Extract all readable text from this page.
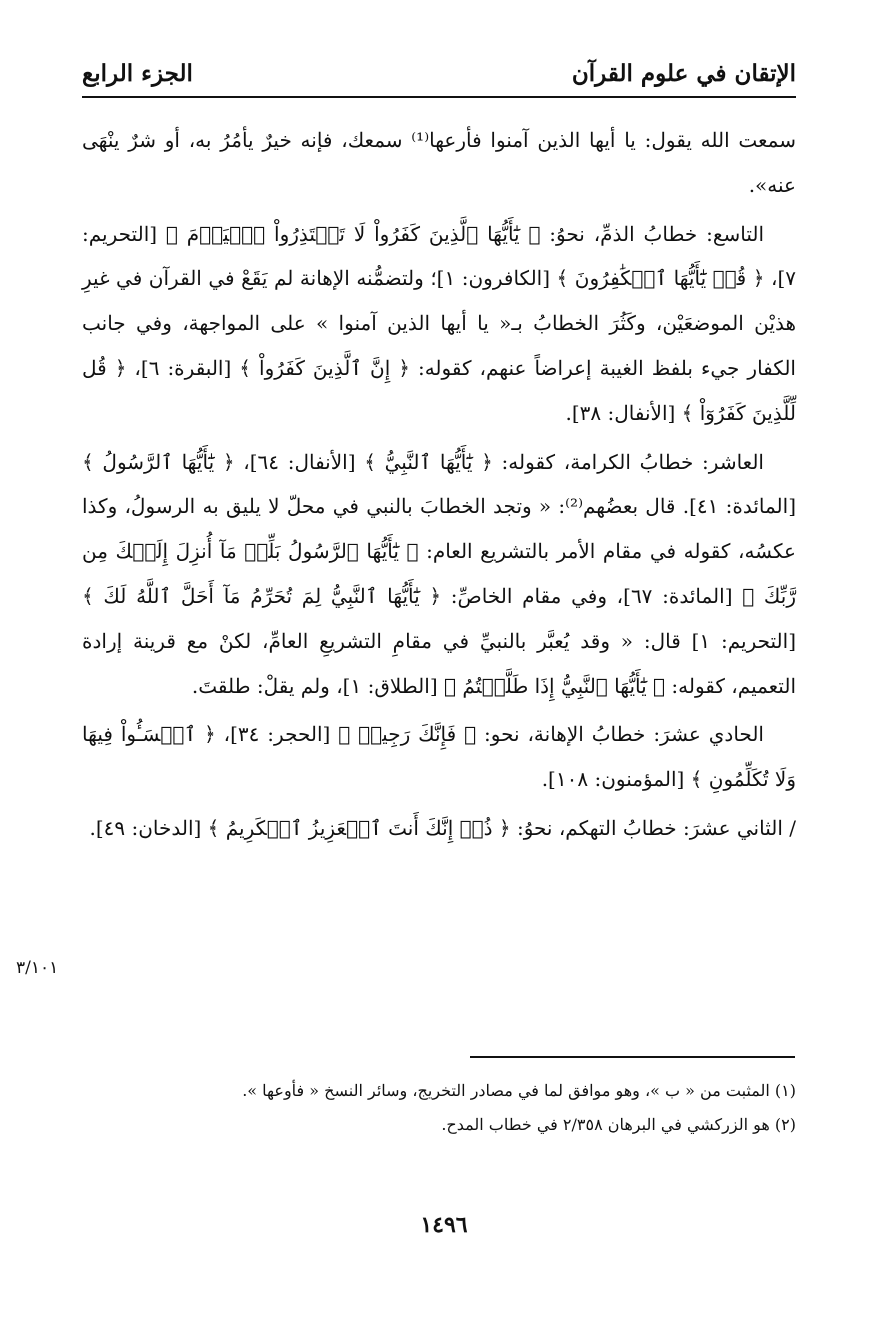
الإتقان في علوم القرآن
الجزء الرابع

سمعت الله يقول: يا أيها الذين آمنوا فأرعها⁽¹⁾ سمعك، فإنه خيرٌ يأمُرُ به، أو شرٌ ينْهَى عنه».

التاسع: خطابُ الذمِّ، نحوُ: ﴿ يَٰٓأَيُّهَا ٱلَّذِينَ كَفَرُواْ لَا تَعۡتَذِرُواْ ٱلۡيَوۡمَ ﴾ [التحريم: ٧]، ﴿ قُلۡ يَٰٓأَيُّهَا ٱلۡكَٰفِرُونَ ﴾ [الكافرون: ١]؛ ولتضمُّنه الإهانة لم يَقَعْ في القرآن في غيرِ هذيْن الموضعَيْن، وكَثُرَ الخطابُ بـ« يا أيها الذين آمنوا » على المواجهة، وفي جانب الكفار جيء بلفظ الغيبة إعراضاً عنهم، كقوله: ﴿ إِنَّ ٱلَّذِينَ كَفَرُواْ ﴾ [البقرة: ٦]، ﴿ قُل لِّلَّذِينَ كَفَرُوٓاْ ﴾ [الأنفال: ٣٨].

العاشر: خطابُ الكرامة، كقوله: ﴿ يَٰٓأَيُّهَا ٱلنَّبِيُّ ﴾ [الأنفال: ٦٤]، ﴿ يَٰٓأَيُّهَا ٱلرَّسُولُ ﴾ [المائدة: ٤١]. قال بعضُهم⁽²⁾: « وتجد الخطابَ بالنبي في محلّ لا يليق به الرسولُ، وكذا عكسُه، كقوله في مقام الأمر بالتشريع العام: ﴿ يَٰٓأَيُّهَا ٱلرَّسُولُ بَلِّغۡ مَآ أُنزِلَ إِلَيۡكَ مِن رَّبِّكَ ﴾ [المائدة: ٦٧]، وفي مقام الخاصِّ: ﴿ يَٰٓأَيُّهَا ٱلنَّبِيُّ لِمَ تُحَرِّمُ مَآ أَحَلَّ ٱللَّهُ لَكَ ﴾ [التحريم: ١] قال: « وقد يُعبَّر بالنبيِّ في مقامِ التشريعِ العامِّ، لكنْ مع قرينة إرادة التعميم، كقوله: ﴿ يَٰٓأَيُّهَا ٱلنَّبِيُّ إِذَا طَلَّقۡتُمُ ﴾ [الطلاق: ١]، ولم يقلْ: طلقتَ.

الحادي عشرَ: خطابُ الإهانة، نحو: ﴿ فَإِنَّكَ رَجِيمٞ ﴾ [الحجر: ٣٤]، ﴿ ٱخۡسَـُٔواْ فِيهَا وَلَا تُكَلِّمُونِ ﴾ [المؤمنون: ١٠٨].

/ الثاني عشرَ: خطابُ التهكم، نحوُ: ﴿ ذُقۡ إِنَّكَ أَنتَ ٱلۡعَزِيزُ ٱلۡكَرِيمُ ﴾ [الدخان: ٤٩].

٣/١٠١

(١) المثبت من « ب »، وهو موافق لما في مصادر التخريج، وسائر النسخ « فأوعها ».

(٢) هو الزركشي في البرهان ٢/٣٥٨ في خطاب المدح.

١٤٩٦
